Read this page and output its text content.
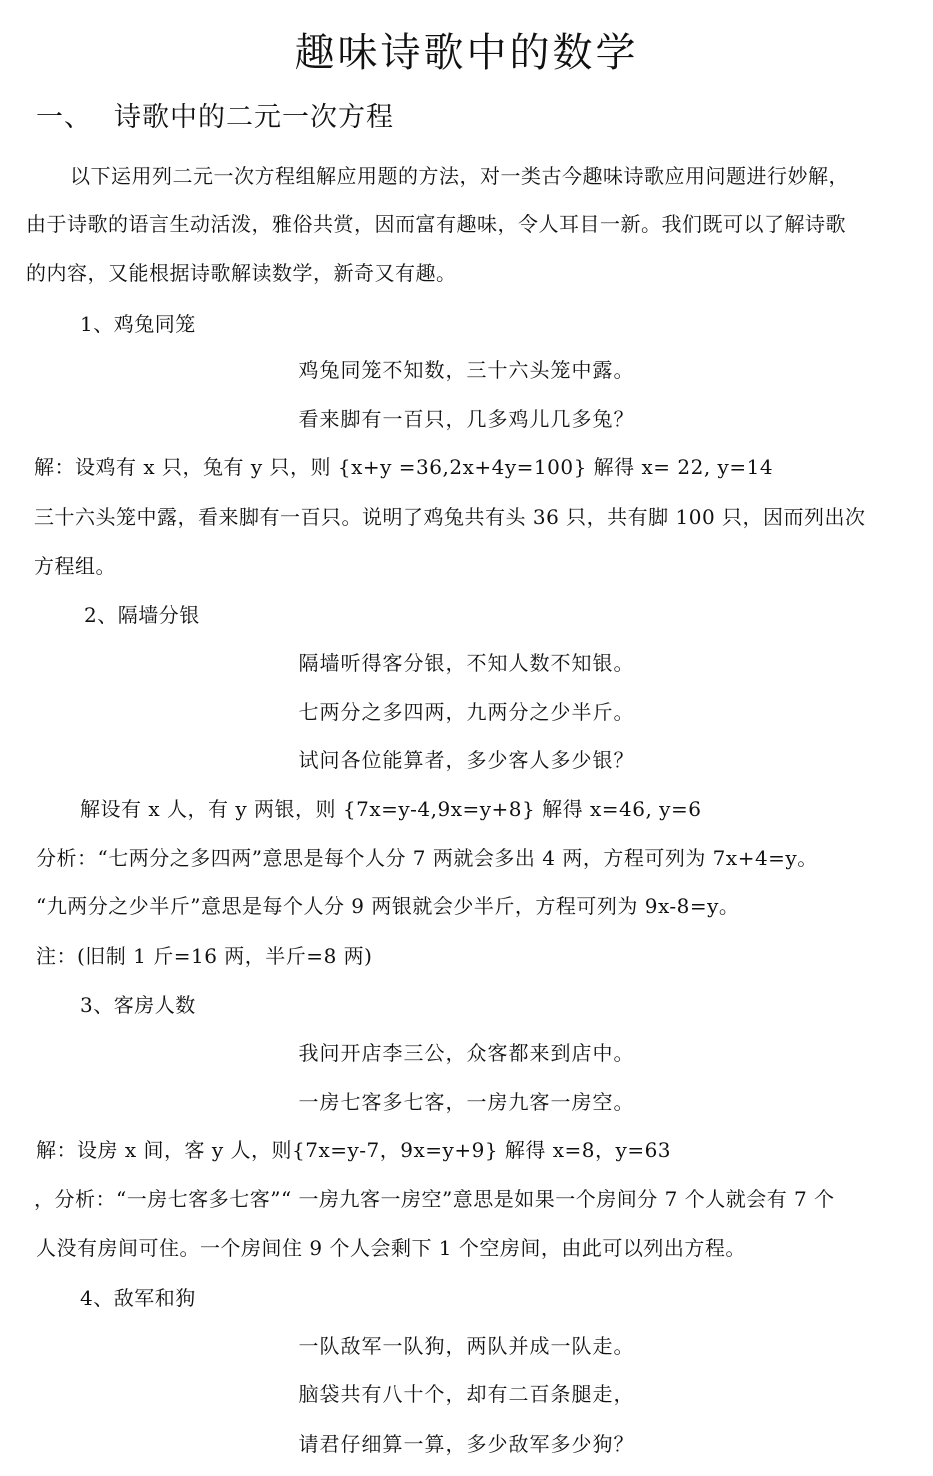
趣味诗歌中的数学
一、 诗歌中的二元一次方程
以下运用列二元一次方程组解应用题的方法，对一类古今趣味诗歌应用问题进行妙解，
由于诗歌的语言生动活泼，雅俗共赏，因而富有趣味，令人耳目一新。我们既可以了解诗歌
的内容，又能根据诗歌解读数学，新奇又有趣。
1、鸡兔同笼
鸡兔同笼不知数，三十六头笼中露。
看来脚有一百只，几多鸡儿几多兔？
解：设鸡有 x 只，兔有 y 只，则 {x+y =36,2x+4y=100} 解得 x= 22, y=14
三十六头笼中露，看来脚有一百只。说明了鸡兔共有头 36 只，共有脚 100 只，因而列出次
方程组。
2、隔墙分银
隔墙听得客分银，不知人数不知银。
七两分之多四两，九两分之少半斤。
试问各位能算者，多少客人多少银？
解设有 x 人，有 y 两银，则 {7x=y-4,9x=y+8} 解得 x=46, y=6
分析：“七两分之多四两”意思是每个人分 7 两就会多出 4 两，方程可列为 7x+4=y。
“九两分之少半斤”意思是每个人分 9 两银就会少半斤，方程可列为 9x-8=y。
注：(旧制 1 斤=16 两，半斤=8 两)
3、客房人数
我问开店李三公，众客都来到店中。
一房七客多七客，一房九客一房空。
解：设房 x 间，客 y 人，则{7x=y-7，9x=y+9} 解得 x=8，y=63
，分析：“一房七客多七客”“ 一房九客一房空”意思是如果一个房间分 7 个人就会有 7 个
人没有房间可住。一个房间住 9 个人会剩下 1 个空房间，由此可以列出方程。
4、敌军和狗
一队敌军一队狗，两队并成一队走。
脑袋共有八十个，却有二百条腿走，
请君仔细算一算，多少敌军多少狗？
